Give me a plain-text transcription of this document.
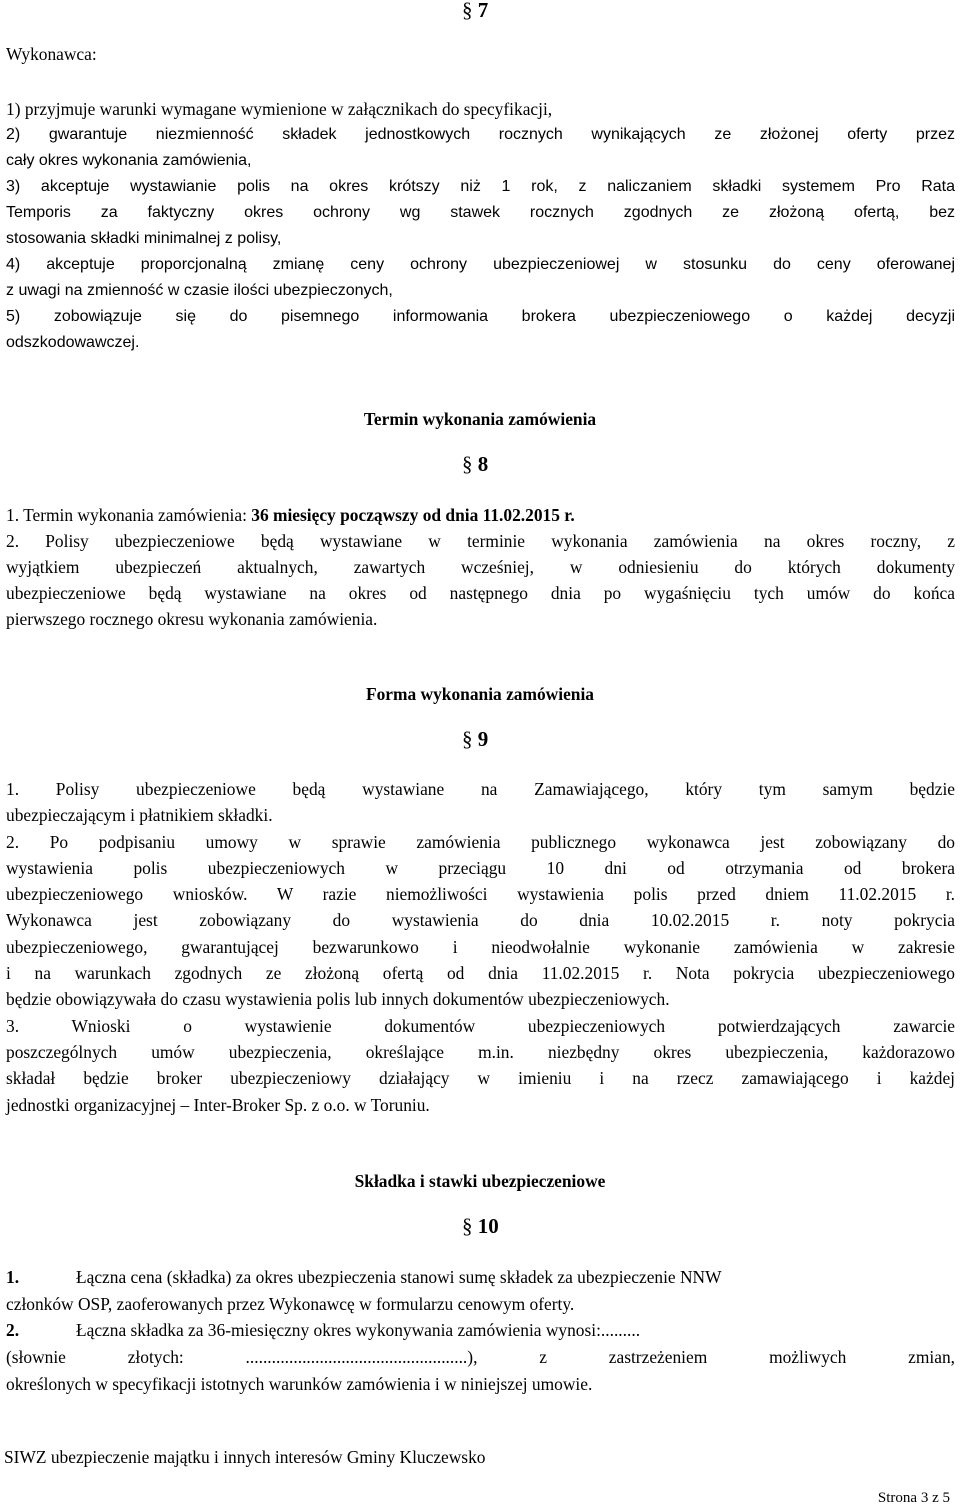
§ 7
Wykonawca:
1) przyjmuje warunki wymagane wymienione w załącznikach do specyfikacji,
2) gwarantuje niezmienność składek jednostkowych rocznych wynikających ze złożonej oferty przez
cały okres wykonania zamówienia,
3) akceptuje wystawianie polis na okres krótszy niż 1 rok, z naliczaniem składki systemem Pro Rata
Temporis za faktyczny okres ochrony wg stawek rocznych zgodnych ze złożoną ofertą, bez
stosowania składki minimalnej z polisy,
4) akceptuje proporcjonalną zmianę ceny ochrony ubezpieczeniowej w stosunku do ceny oferowanej
z uwagi na zmienność w czasie ilości ubezpieczonych,
5) zobowiązuje się do pisemnego informowania brokera ubezpieczeniowego o każdej decyzji
odszkodowawczej.
Termin wykonania zamówienia
§ 8
1. Termin wykonania zamówienia: 36 miesięcy począwszy od dnia 11.02.2015 r.
2. Polisy ubezpieczeniowe będą wystawiane w terminie wykonania zamówienia na okres roczny, z
wyjątkiem ubezpieczeń aktualnych, zawartych wcześniej, w odniesieniu do których dokumenty
ubezpieczeniowe będą wystawiane na okres od następnego dnia po wygaśnięciu tych umów do końca
pierwszego rocznego okresu wykonania zamówienia.
Forma wykonania zamówienia
§ 9
1. Polisy ubezpieczeniowe będą wystawiane na Zamawiającego, który tym samym będzie
ubezpieczającym i płatnikiem składki.
2. Po podpisaniu umowy w sprawie zamówienia publicznego wykonawca jest zobowiązany do
wystawienia polis ubezpieczeniowych w przeciągu 10 dni od otrzymania od brokera
ubezpieczeniowego wniosków. W razie niemożliwości wystawienia polis przed dniem 11.02.2015 r.
Wykonawca jest zobowiązany do wystawienia do dnia 10.02.2015 r. noty pokrycia
ubezpieczeniowego, gwarantującej bezwarunkowo i nieodwołalnie wykonanie zamówienia w zakresie
i na warunkach zgodnych ze złożoną ofertą od dnia 11.02.2015 r. Nota pokrycia ubezpieczeniowego
będzie obowiązywała do czasu wystawienia polis lub innych dokumentów ubezpieczeniowych.
3. Wnioski o wystawienie dokumentów ubezpieczeniowych potwierdzających zawarcie
poszczególnych umów ubezpieczenia, określające m.in. niezbędny okres ubezpieczenia, każdorazowo
składał będzie broker ubezpieczeniowy działający w imieniu i na rzecz zamawiającego i każdej
jednostki organizacyjnej – Inter-Broker Sp. z o.o. w Toruniu.
Składka i stawki ubezpieczeniowe
§ 10
1.	Łączna cena (składka) za okres ubezpieczenia stanowi sumę składek za ubezpieczenie NNW
członków OSP, zaoferowanych przez Wykonawcę w formularzu cenowym oferty.
2.	Łączna składka za 36-miesięczny okres wykonywania zamówienia wynosi:.........
(słownie złotych: ...................................................), z zastrzeżeniem możliwych zmian,
określonych w specyfikacji istotnych warunków zamówienia i w niniejszej umowie.
SIWZ ubezpieczenie majątku i innych interesów Gminy Kluczewsko
Strona 3 z 5
